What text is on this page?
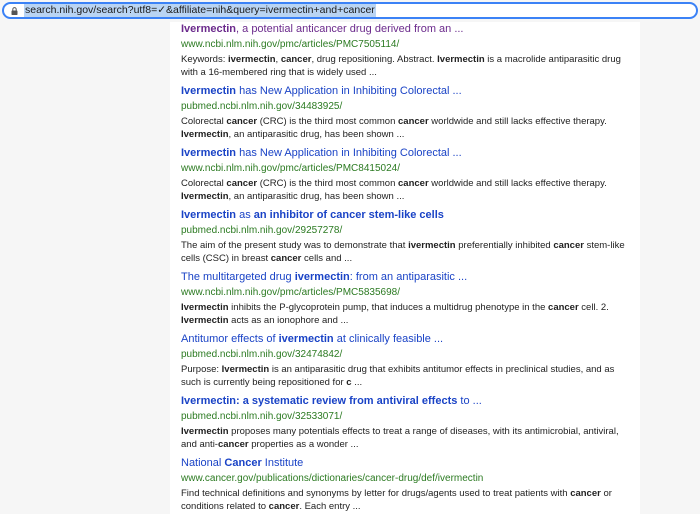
search.nih.gov/search?utf8=✓&affiliate=nih&query=ivermectin+and+cancer
Ivermectin, a potential anticancer drug derived from an ...
www.ncbi.nlm.nih.gov/pmc/articles/PMC7505114/
Keywords: ivermectin, cancer, drug repositioning. Abstract. Ivermectin is a macrolide antiparasitic drug with a 16-membered ring that is widely used ...
Ivermectin has New Application in Inhibiting Colorectal ...
pubmed.ncbi.nlm.nih.gov/34483925/
Colorectal cancer (CRC) is the third most common cancer worldwide and still lacks effective therapy. Ivermectin, an antiparasitic drug, has been shown ...
Ivermectin has New Application in Inhibiting Colorectal ...
www.ncbi.nlm.nih.gov/pmc/articles/PMC8415024/
Colorectal cancer (CRC) is the third most common cancer worldwide and still lacks effective therapy. Ivermectin, an antiparasitic drug, has been shown ...
Ivermectin as an inhibitor of cancer stem-like cells
pubmed.ncbi.nlm.nih.gov/29257278/
The aim of the present study was to demonstrate that ivermectin preferentially inhibited cancer stem-like cells (CSC) in breast cancer cells and ...
The multitargeted drug ivermectin: from an antiparasitic ...
www.ncbi.nlm.nih.gov/pmc/articles/PMC5835698/
Ivermectin inhibits the P-glycoprotein pump, that induces a multidrug phenotype in the cancer cell. 2. Ivermectin acts as an ionophore and ...
Antitumor effects of ivermectin at clinically feasible ...
pubmed.ncbi.nlm.nih.gov/32474842/
Purpose: Ivermectin is an antiparasitic drug that exhibits antitumor effects in preclinical studies, and as such is currently being repositioned for c ...
Ivermectin: a systematic review from antiviral effects to ...
pubmed.ncbi.nlm.nih.gov/32533071/
Ivermectin proposes many potentials effects to treat a range of diseases, with its antimicrobial, antiviral, and anti-cancer properties as a wonder ...
National Cancer Institute
www.cancer.gov/publications/dictionaries/cancer-drug/def/ivermectin
Find technical definitions and synonyms by letter for drugs/agents used to treat patients with cancer or conditions related to cancer. Each entry ...
